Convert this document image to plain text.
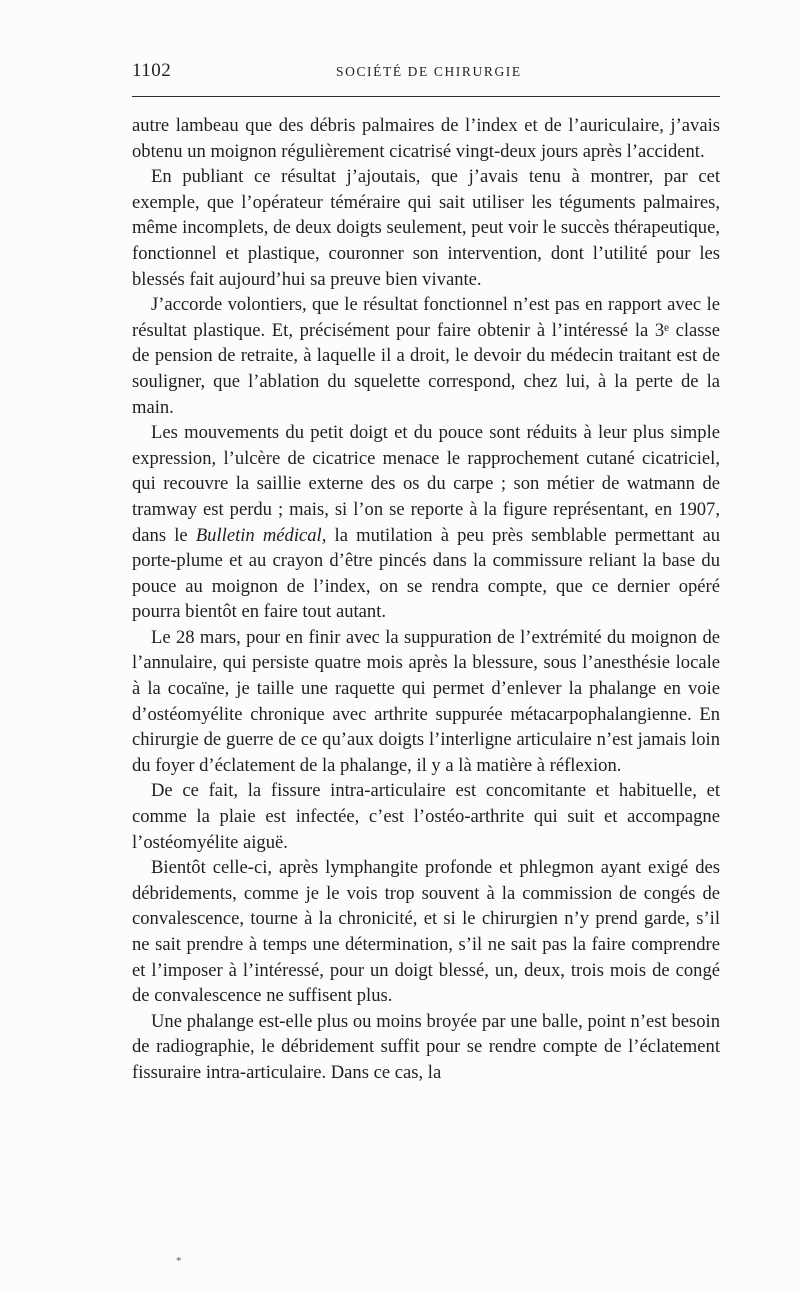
1102	SOCIÉTÉ DE CHIRURGIE

autre lambeau que des débris palmaires de l’index et de l’auriculaire, j’avais obtenu un moignon régulièrement cicatrisé vingt-deux jours après l’accident.

En publiant ce résultat j’ajoutais, que j’avais tenu à montrer, par cet exemple, que l’opérateur téméraire qui sait utiliser les téguments palmaires, même incomplets, de deux doigts seulement, peut voir le succès thérapeutique, fonctionnel et plastique, couronner son intervention, dont l’utilité pour les blessés fait aujourd’hui sa preuve bien vivante.

J’accorde volontiers, que le résultat fonctionnel n’est pas en rapport avec le résultat plastique. Et, précisément pour faire obtenir à l’intéressé la 3ᵉ classe de pension de retraite, à laquelle il a droit, le devoir du médecin traitant est de souligner, que l’ablation du squelette correspond, chez lui, à la perte de la main.

Les mouvements du petit doigt et du pouce sont réduits à leur plus simple expression, l’ulcère de cicatrice menace le rapprochement cutané cicatriciel, qui recouvre la saillie externe des os du carpe ; son métier de watmann de tramway est perdu ; mais, si l’on se reporte à la figure représentant, en 1907, dans le Bulletin médical, la mutilation à peu près semblable permettant au porte-plume et au crayon d’être pincés dans la commissure reliant la base du pouce au moignon de l’index, on se rendra compte, que ce dernier opéré pourra bientôt en faire tout autant.

Le 28 mars, pour en finir avec la suppuration de l’extrémité du moignon de l’annulaire, qui persiste quatre mois après la blessure, sous l’anesthésie locale à la cocaïne, je taille une raquette qui permet d’enlever la phalange en voie d’ostéomyélite chronique avec arthrite suppurée métacarpophalangienne. En chirurgie de guerre de ce qu’aux doigts l’interligne articulaire n’est jamais loin du foyer d’éclatement de la phalange, il y a là matière à réflexion.

De ce fait, la fissure intra-articulaire est concomitante et habituelle, et comme la plaie est infectée, c’est l’ostéo-arthrite qui suit et accompagne l’ostéomyélite aiguë.

Bientôt celle-ci, après lymphangite profonde et phlegmon ayant exigé des débridements, comme je le vois trop souvent à la commission de congés de convalescence, tourne à la chronicité, et si le chirurgien n’y prend garde, s’il ne sait prendre à temps une détermination, s’il ne sait pas la faire comprendre et l’imposer à l’intéressé, pour un doigt blessé, un, deux, trois mois de congé de convalescence ne suffisent plus.

Une phalange est-elle plus ou moins broyée par une balle, point n’est besoin de radiographie, le débridement suffit pour se rendre compte de l’éclatement fissuraire intra-articulaire. Dans ce cas, la

*
